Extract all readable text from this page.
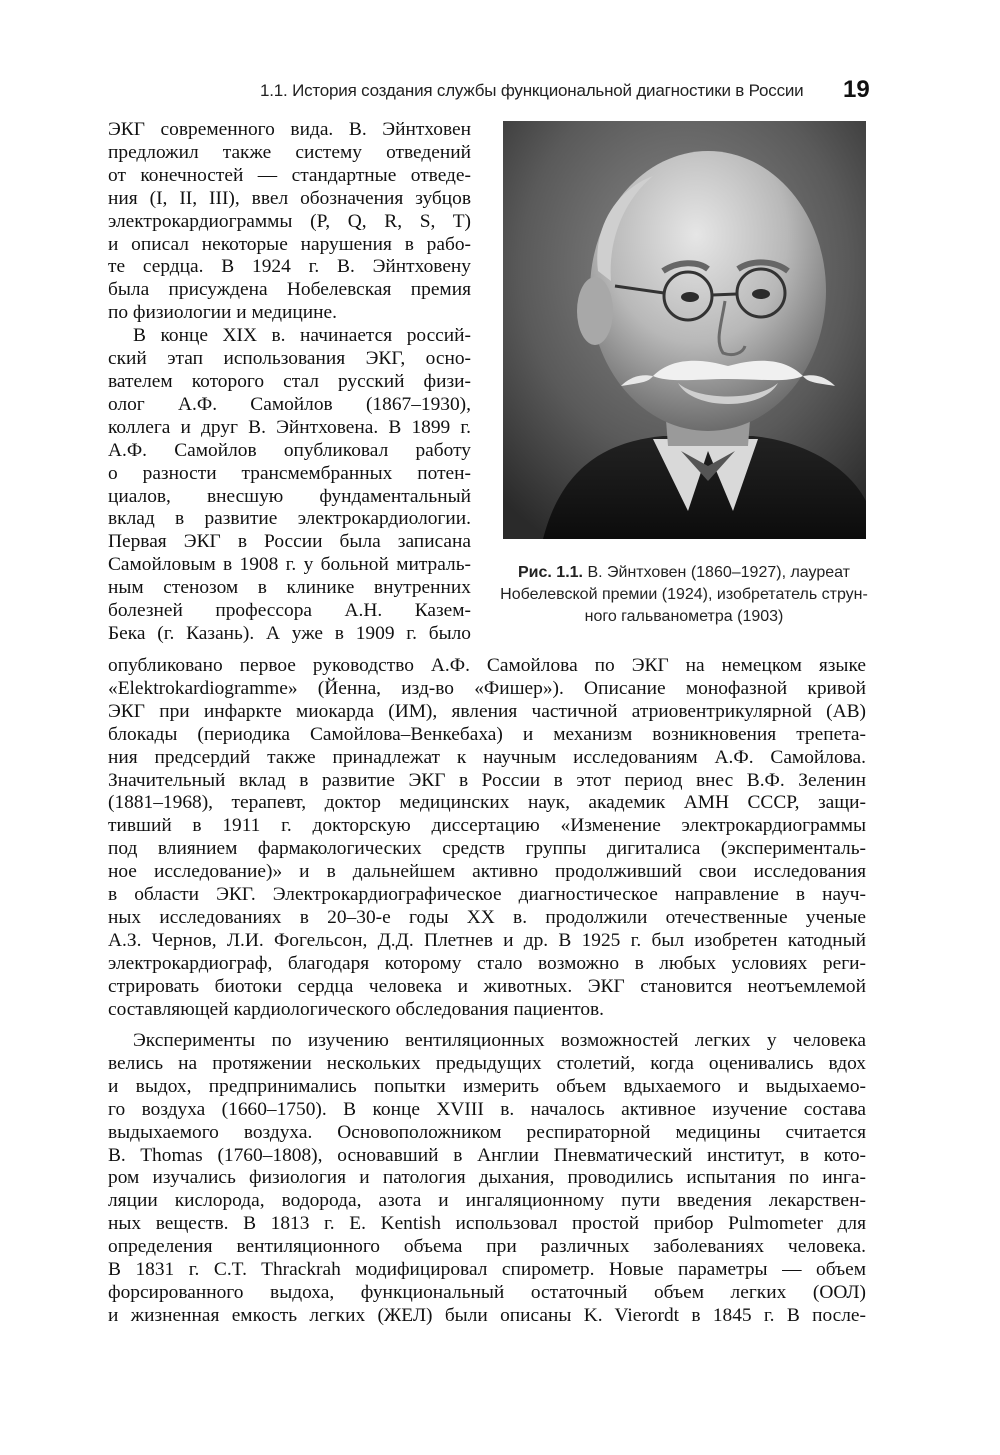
1.1. История создания службы функциональной диагностики в России 19
ЭКГ современного вида. В. Эйнтховен
предложил также систему отведений
от конечностей — стандартные отведе-
ния (I, II, III), ввел обозначения зубцов
электрокардиограммы (P, Q, R, S, T)
и описал некоторые нарушения в рабо-
те сердца. В 1924 г. В. Эйнтховену
была присуждена Нобелевская премия
по физиологии и медицине.
В конце XIX в. начинается россий-
ский этап использования ЭКГ, осно-
вателем которого стал русский физи-
олог А.Ф. Самойлов (1867–1930),
коллега и друг В. Эйнтховена. В 1899 г.
А.Ф. Самойлов опубликовал работу
о разности трансмембранных потен-
циалов, внесшую фундаментальный
вклад в развитие электрокардиологии.
Первая ЭКГ в России была записана
Самойловым в 1908 г. у больной митраль-
ным стенозом в клинике внутренних
болезней профессора А.Н. Казем-
Бека (г. Казань). А уже в 1909 г. было
Рис. 1.1. В. Эйнтховен (1860–1927), лауреат
Нобелевской премии (1924), изобретатель струн-
ного гальванометра (1903)
опубликовано первое руководство А.Ф. Самойлова по ЭКГ на немецком языке
«Elektrokardiogramme» (Йенна, изд-во «Фишер»). Описание монофазной кривой
ЭКГ при инфаркте миокарда (ИМ), явления частичной атриовентрикулярной (АВ)
блокады (периодика Самойлова–Венкебаха) и механизм возникновения трепета-
ния предсердий также принадлежат к научным исследованиям А.Ф. Самойлова.
Значительный вклад в развитие ЭКГ в России в этот период внес В.Ф. Зеленин
(1881–1968), терапевт, доктор медицинских наук, академик АМН СССР, защи-
тивший в 1911 г. докторскую диссертацию «Изменение электрокардиограммы
под влиянием фармакологических средств группы дигиталиса (эксперименталь-
ное исследование)» и в дальнейшем активно продолживший свои исследования
в области ЭКГ. Электрокардиографическое диагностическое направление в науч-
ных исследованиях в 20–30-е годы XX в. продолжили отечественные ученые
А.З. Чернов, Л.И. Фогельсон, Д.Д. Плетнев и др. В 1925 г. был изобретен катодный
электрокардиограф, благодаря которому стало возможно в любых условиях реги-
стрировать биотоки сердца человека и животных. ЭКГ становится неотъемлемой
составляющей кардиологического обследования пациентов.
Эксперименты по изучению вентиляционных возможностей легких у человека
велись на протяжении нескольких предыдущих столетий, когда оценивались вдох
и выдох, предпринимались попытки измерить объем вдыхаемого и выдыхаемо-
го воздуха (1660–1750). В конце XVIII в. началось активное изучение состава
выдыхаемого воздуха. Основоположником респираторной медицины считается
B. Thomas (1760–1808), основавший в Англии Пневматический институт, в кото-
ром изучались физиология и патология дыхания, проводились испытания по инга-
ляции кислорода, водорода, азота и ингаляционному пути введения лекарствен-
ных веществ. В 1813 г. E. Kentish использовал простой прибор Pulmometer для
определения вентиляционного объема при различных заболеваниях человека.
В 1831 г. C.T. Thrackrah модифицировал спирометр. Новые параметры — объем
форсированного выдоха, функциональный остаточный объем легких (ООЛ)
и жизненная емкость легких (ЖЕЛ) были описаны K. Vierordt в 1845 г. В после-
